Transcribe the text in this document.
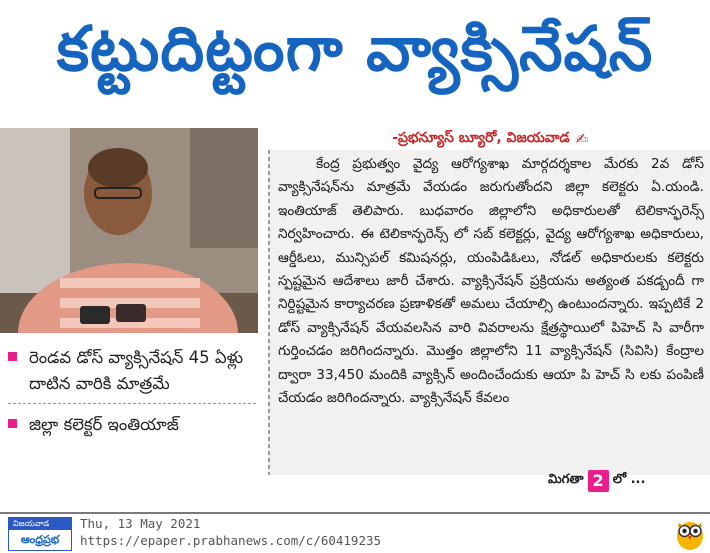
కట్టుదిట్టంగా వ్యాక్సినేషన్
-ప్రభన్యూస్ బ్యూరో, విజయవాడ ✍

కేంద్ర ప్రభుత్వం వైద్య ఆరోగ్యశాఖ మార్గదర్శకాల మేరకు 2వ డోస్ వ్యాక్సినేషన్‌ను మాత్రమే వేయడం జరుగుతోందని జిల్లా కలెక్టరు ఏ.యండి. ఇంతియాజ్ తెలిపారు. బుధవారం జిల్లాలోని అధికారులతో టెలికాన్ఫరెన్స్ నిర్వహించారు. ఈ టెలికాన్ఫరెన్స్ లో సబ్ కలెక్టర్లు, వైద్య ఆరోగ్యశాఖ అధికారులు, ఆర్డీఓలు, మున్సిపల్ కమిషనర్లు, యంపిడిఓలు, నోడల్ అధికారులకు కలెక్టరు స్పష్టమైన ఆదేశాలు జారీ చేశారు. వ్యాక్సినేషన్ ప్రక్రియను అత్యంత పకడ్బందీ గా నిర్దిష్టమైన కార్యాచరణ ప్రణాళికతో అమలు చేయాల్సి ఉంటుందన్నారు. ఇప్పటికే 2 డోస్ వ్యాక్సినేషన్ వేయవలసిన వారి వివరాలను క్షేత్రస్థాయిలో పిహెచ్ సి వారీగా గుర్తించడం జరిగిందన్నారు. మొత్తం జిల్లాలోని 11 వ్యాక్సినేషన్ (సివిసి) కేంద్రాల ద్వారా 33,450 మందికి వ్యాక్సిన్ అందించేందుకు ఆయా పి హెచ్ సి లకు పంపిణీ చేయడం జరిగిందన్నారు. వ్యాక్సినేషన్ కేవలం

మిగతా 2 లో ...
రెండవ డోస్ వ్యాక్సినేషన్ 45 ఏళ్లు దాటిన వారికి మాత్రమే
జిల్లా కలెక్టర్ ఇంతియాజ్
విజయవాడ
ఆంధ్రప్రభ
Thu, 13 May 2021
https://epaper.prabhanews.com/c/60419235
